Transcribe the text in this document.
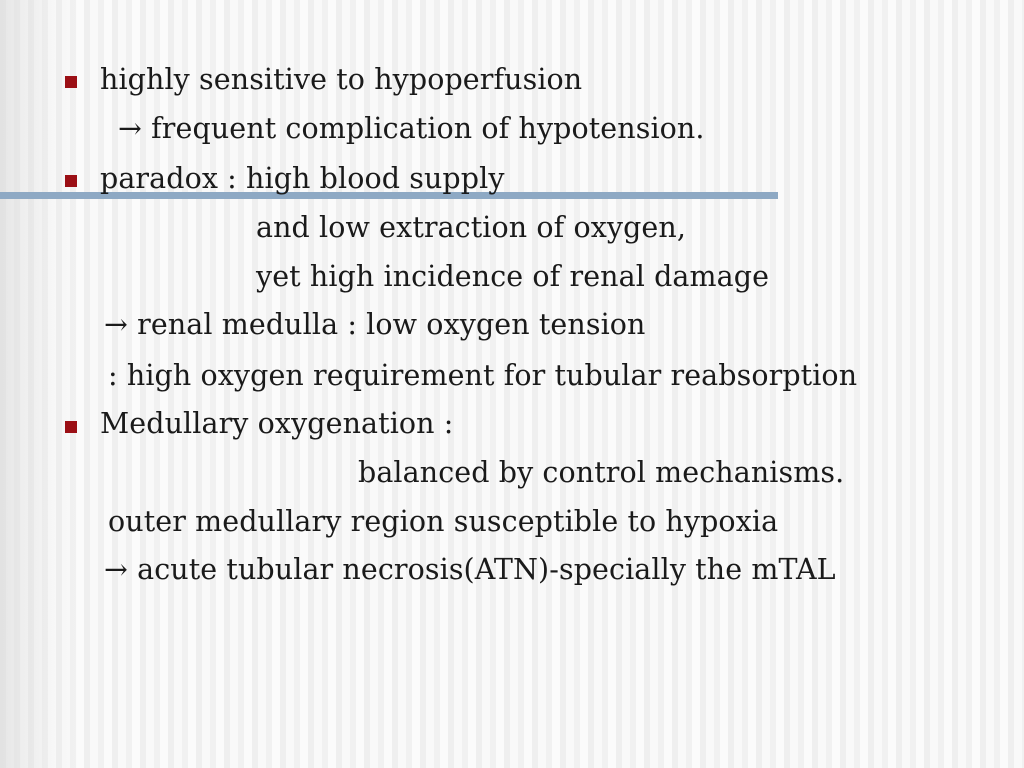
highly sensitive to hypoperfusion
→ frequent complication of hypotension.
paradox : high blood supply
and low extraction of oxygen,
yet high incidence of renal damage
→ renal medulla : low oxygen tension
: high oxygen requirement for tubular reabsorption
Medullary oxygenation :
balanced by control mechanisms.
outer medullary region susceptible to hypoxia
→ acute tubular necrosis(ATN)-specially the mTAL
